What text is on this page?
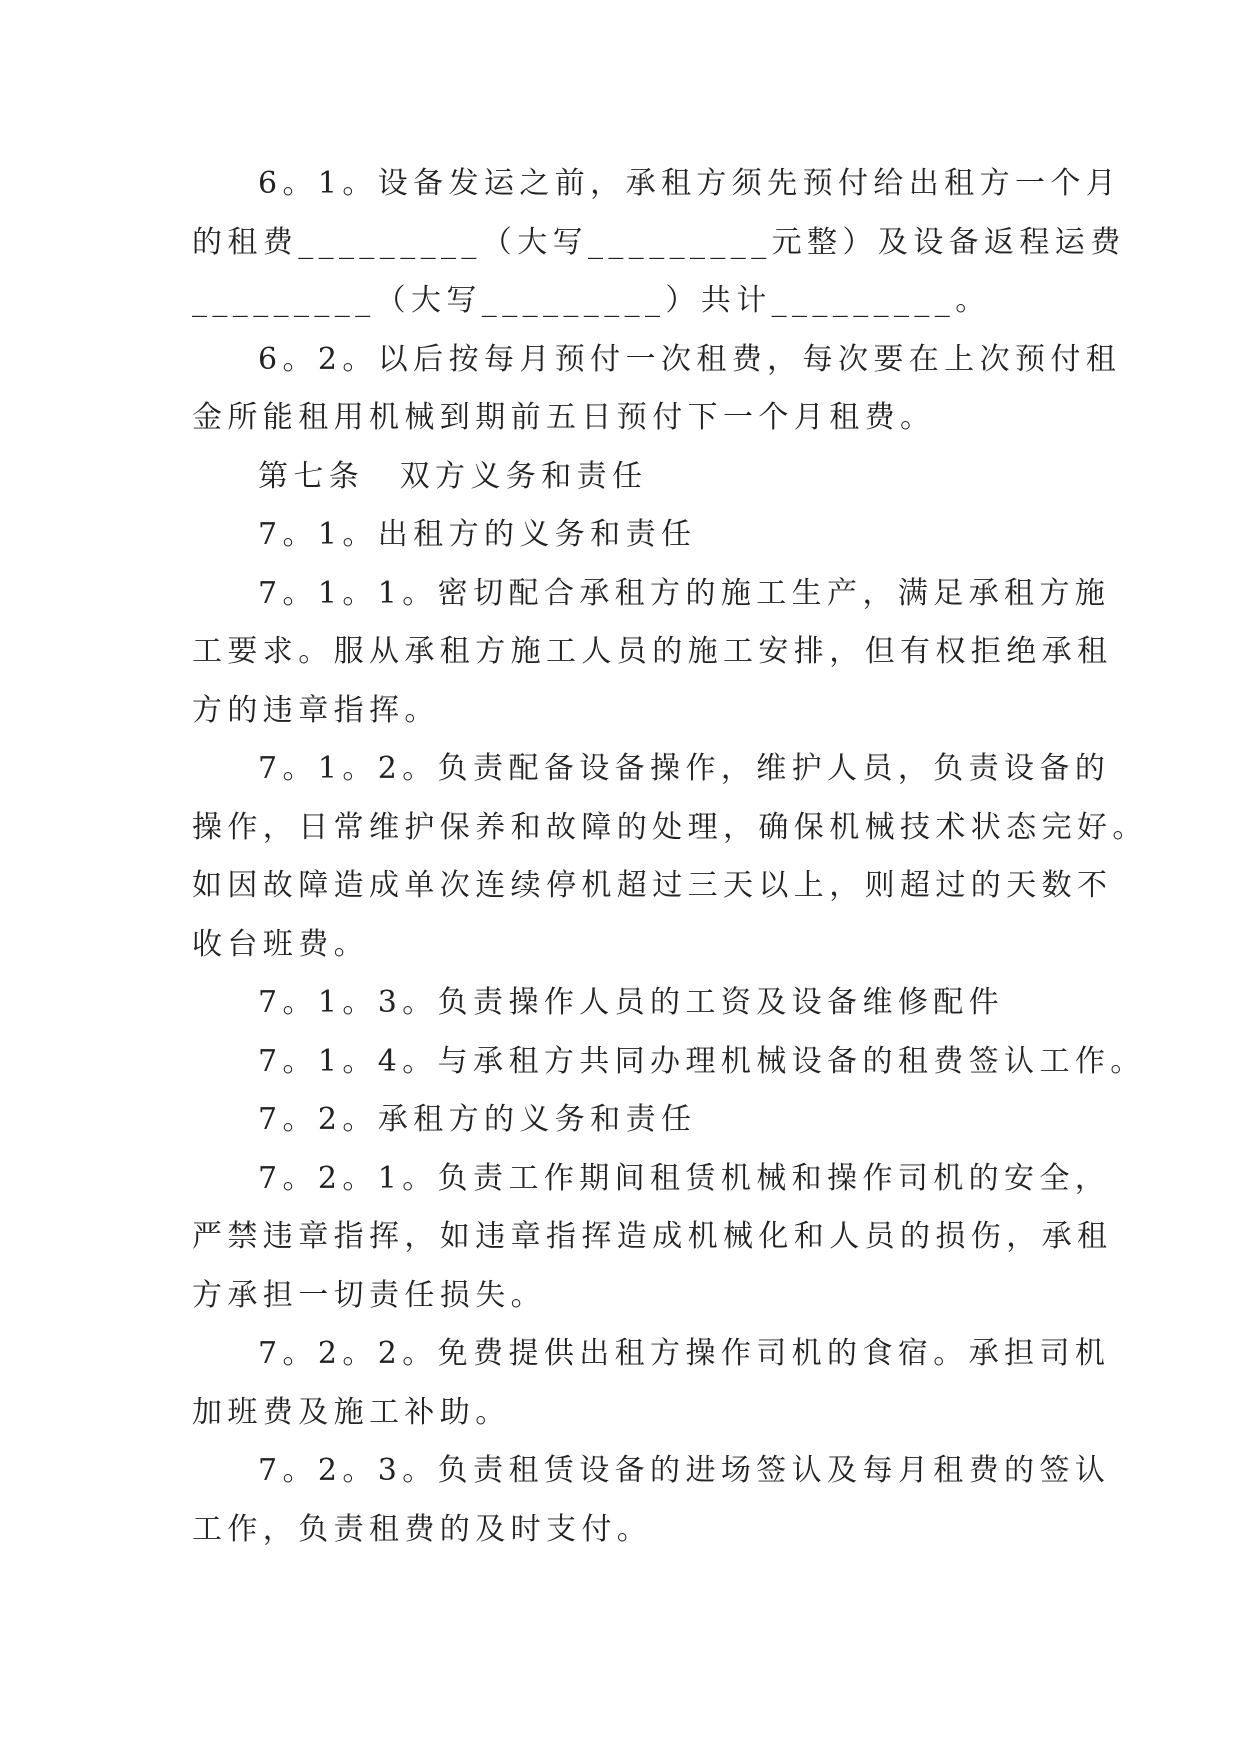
6。1。设备发运之前，承租方须先预付给出租方一个月
的租费_________（大写_________元整）及设备返程运费
_________（大写_________）共计_________。
6。2。以后按每月预付一次租费，每次要在上次预付租
金所能租用机械到期前五日预付下一个月租费。
第七条　双方义务和责任
7。1。出租方的义务和责任
7。1。1。密切配合承租方的施工生产，满足承租方施
工要求。服从承租方施工人员的施工安排，但有权拒绝承租
方的违章指挥。
7。1。2。负责配备设备操作，维护人员，负责设备的
操作，日常维护保养和故障的处理，确保机械技术状态完好。
如因故障造成单次连续停机超过三天以上，则超过的天数不
收台班费。
7。1。3。负责操作人员的工资及设备维修配件
7。1。4。与承租方共同办理机械设备的租费签认工作。
7。2。承租方的义务和责任
7。2。1。负责工作期间租赁机械和操作司机的安全，
严禁违章指挥，如违章指挥造成机械化和人员的损伤，承租
方承担一切责任损失。
7。2。2。免费提供出租方操作司机的食宿。承担司机
加班费及施工补助。
7。2。3。负责租赁设备的进场签认及每月租费的签认
工作，负责租费的及时支付。
